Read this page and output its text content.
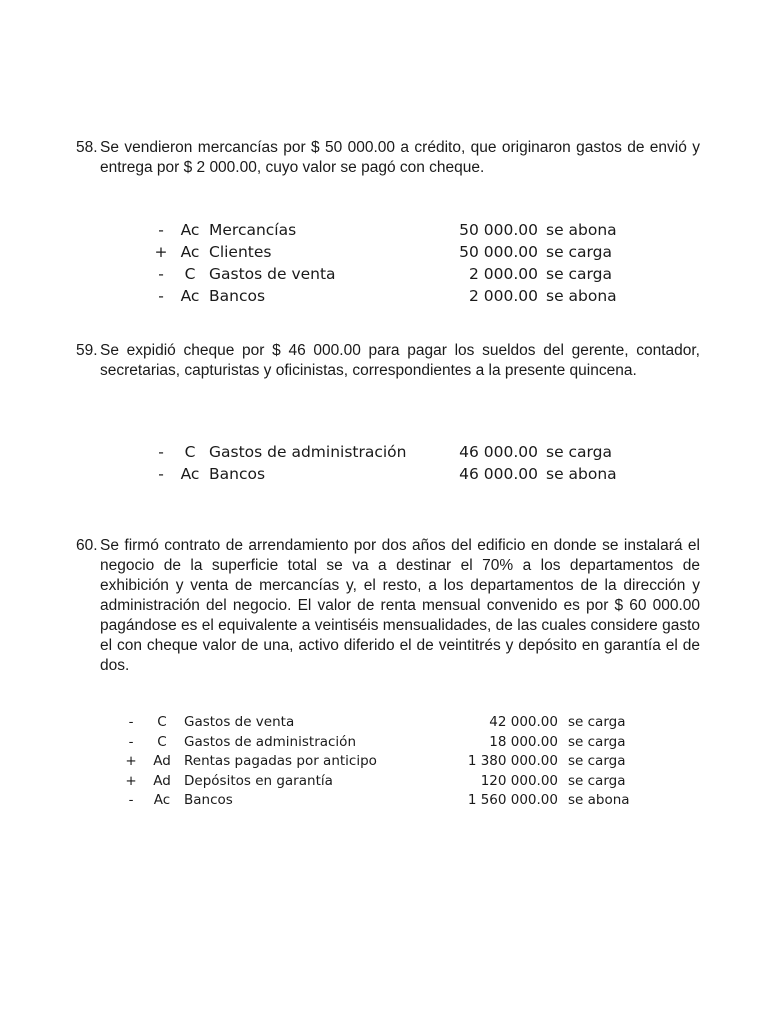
58. Se vendieron mercancías por $ 50 000.00 a crédito, que originaron gastos de envió y entrega por $ 2 000.00, cuyo valor se pagó con cheque.
- Ac Mercancías	50 000.00 se abona
+ Ac Clientes	50 000.00 se carga
-	C Gastos de venta	2 000.00 se carga
- Ac Bancos	2 000.00 se abona
59. Se expidió cheque por $ 46 000.00 para pagar los sueldos del gerente, contador, secretarias, capturistas y oficinistas, correspondientes a la presente quincena.
-	C Gastos de administración	46 000.00 se carga
- Ac Bancos	46 000.00 se abona
60. Se firmó contrato de arrendamiento por dos años del edificio en donde se instalará el negocio de la superficie total se va a destinar el 70% a los departamentos de exhibición y venta de mercancías y, el resto, a los departamentos de la dirección y administración del negocio. El valor de renta mensual convenido es por $ 60 000.00 pagándose es el equivalente a veintiséis mensualidades, de las cuales considere gasto el con cheque valor de una, activo diferido el de veintitrés y depósito en garantía el de dos.
-	C	Gastos de venta	42 000.00 se carga
-	C	Gastos de administración	18 000.00 se carga
+ Ad Rentas pagadas por anticipo	1 380 000.00 se carga
+ Ad Depósitos en garantía	120 000.00 se carga
-	Ac Bancos	1 560 000.00 se abona
